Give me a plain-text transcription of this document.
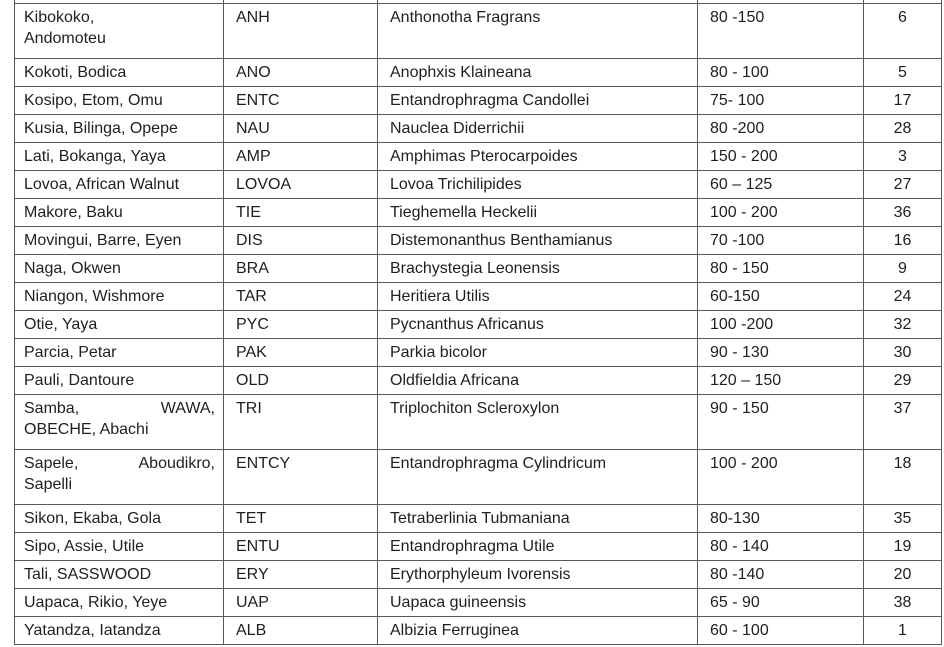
Kibokoko,
Andomoteu	ANH	Anthonotha Fragrans	80 -150	6

Kokoti, Bodica	ANO	Anophxis Klaineana	80 - 100	5

Kosipo, Etom, Omu	ENTC	Entandrophragma Candollei	75- 100	17

Kusia, Bilinga, Opepe	NAU	Nauclea Diderrichii	80 -200	28

Lati, Bokanga, Yaya	AMP	Amphimas Pterocarpoides	150 - 200	3

Lovoa, African Walnut	LOVOA	Lovoa Trichilipides	60 – 125	27

Makore, Baku	TIE	Tieghemella Heckelii	100 - 200	36

Movingui, Barre, Eyen	DIS	Distemonanthus Benthamianus	70 -100	16

Naga, Okwen	BRA	Brachystegia Leonensis	80 - 150	9

Niangon, Wishmore	TAR	Heritiera Utilis	60-150	24

Otie, Yaya	PYC	Pycnanthus Africanus	100 -200	32

Parcia, Petar	PAK	Parkia bicolor	90 - 130	30

Pauli, Dantoure	OLD	Oldfieldia Africana	120 – 150	29

Samba, WAWA,
OBECHE, Abachi	TRI	Triplochiton Scleroxylon	90 - 150	37

Sapele, Aboudikro,
Sapelli	ENTCY	Entandrophragma Cylindricum	100 - 200	18

Sikon, Ekaba, Gola	TET	Tetraberlinia Tubmaniana	80-130	35

Sipo, Assie, Utile	ENTU	Entandrophragma Utile	80 - 140	19

Tali, SASSWOOD	ERY	Erythorphyleum Ivorensis	80 -140	20

Uapaca, Rikio, Yeye	UAP	Uapaca guineensis	65 - 90	38

Yatandza, Iatandza	ALB	Albizia Ferruginea	60 - 100	1
